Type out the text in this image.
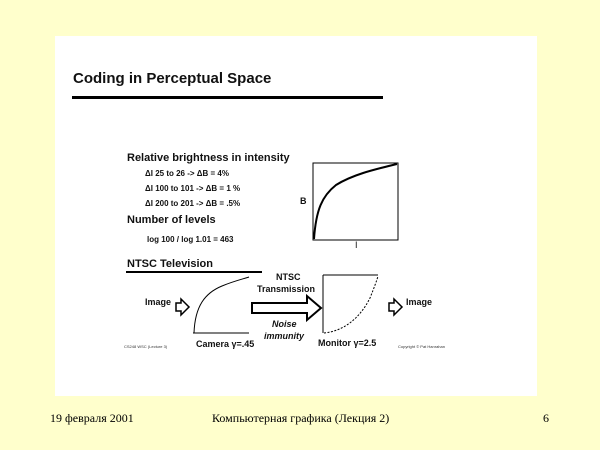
Coding in Perceptual Space
Relative brightness in intensity
ΔI 25 to 26 -> ΔB = 4%
ΔI 100 to 101 -> ΔB = 1 %
ΔI 200 to 201 -> ΔB = .5%
Number of levels
log 100 / log 1.01 = 463
NTSC Television
Image	Image
NTSC
Transmission
Noise
immunity
Camera γ=.45	Monitor γ=2.5
CS248 WSC (Lecture 3)	Copyright © Pat Hanrahan
B
I
19 февраля 2001	Компьютерная графика (Лекция 2)	6
